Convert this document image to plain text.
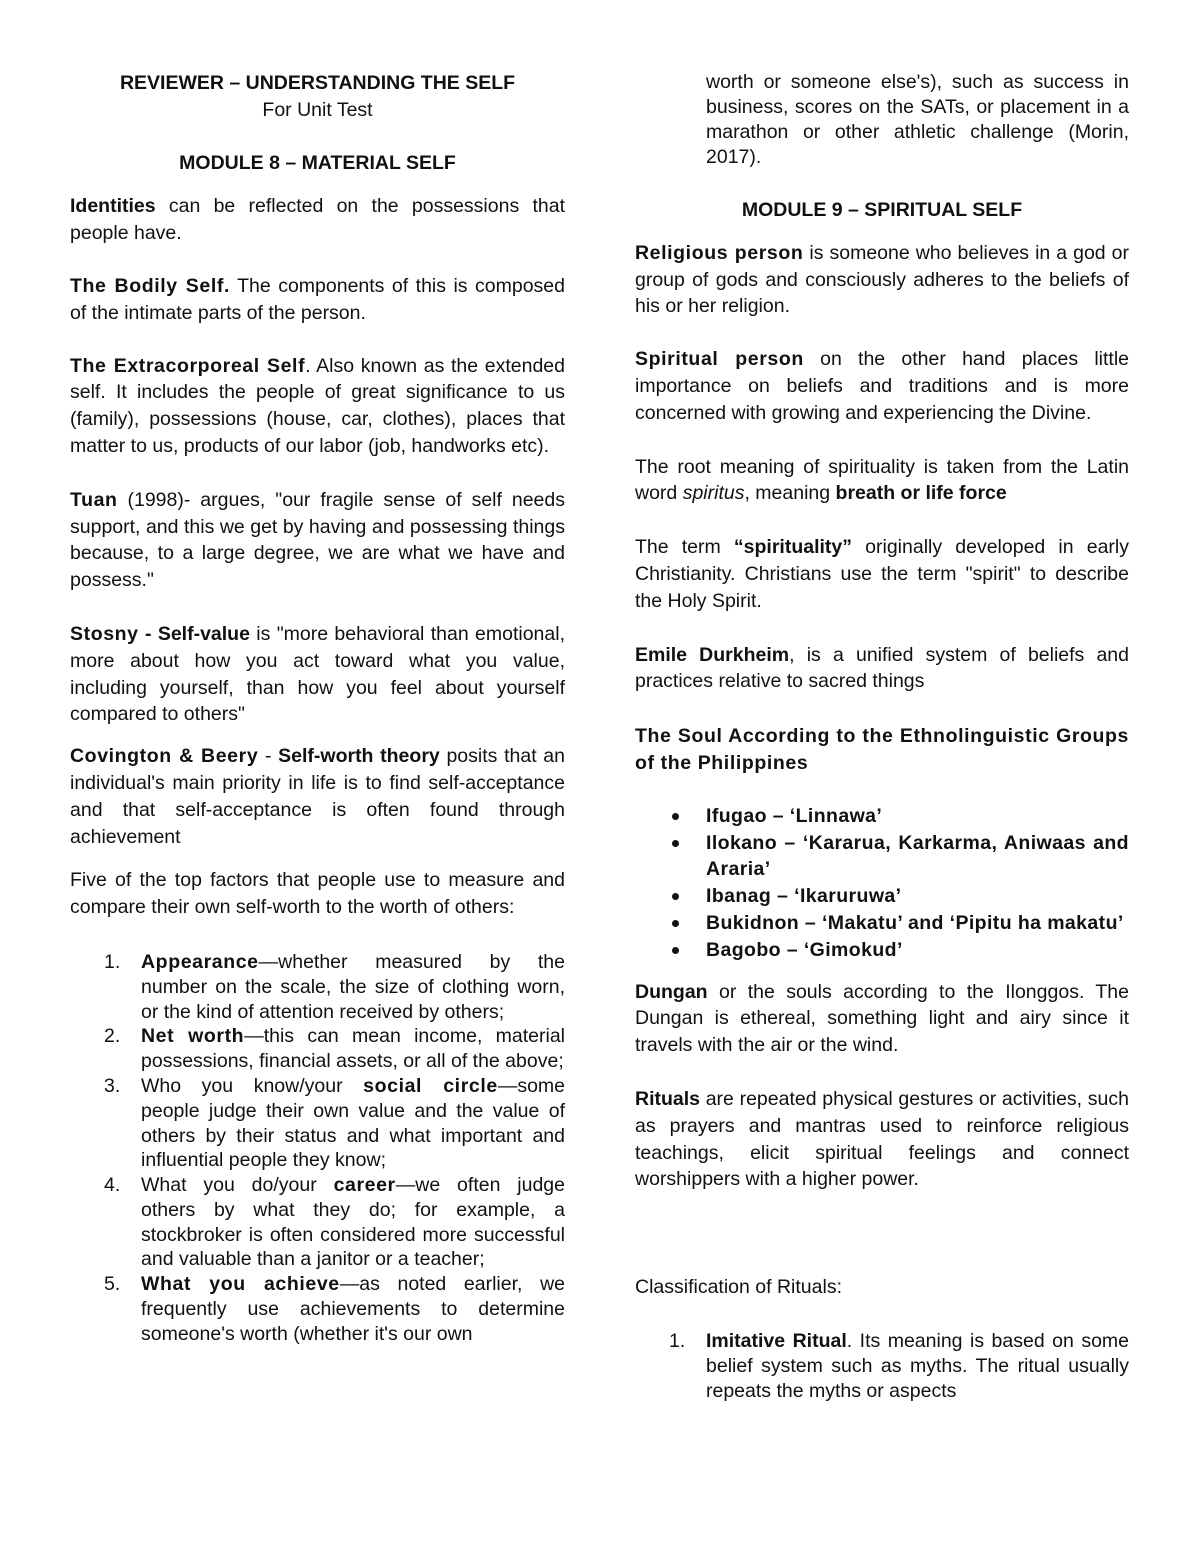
REVIEWER – UNDERSTANDING THE SELF

For Unit Test

MODULE 8 – MATERIAL SELF

Identities can be reflected on the possessions that people have.

The Bodily Self. The components of this is composed of the intimate parts of the person.

The Extracorporeal Self. Also known as the extended self. It includes the people of great significance to us (family), possessions (house, car, clothes), places that matter to us, products of our labor (job, handworks etc).

Tuan (1998)- argues, "our fragile sense of self needs support, and this we get by having and possessing things because, to a large degree, we are what we have and possess."

Stosny - Self-value is "more behavioral than emotional, more about how you act toward what you value, including yourself, than how you feel about yourself compared to others"

Covington & Beery - Self-worth theory posits that an individual's main priority in life is to find self-acceptance and that self-acceptance is often found through achievement

Five of the top factors that people use to measure and compare their own self-worth to the worth of others:

1. Appearance—whether measured by the number on the scale, the size of clothing worn, or the kind of attention received by others;
2. Net worth—this can mean income, material possessions, financial assets, or all of the above;
3. Who you know/your social circle—some people judge their own value and the value of others by their status and what important and influential people they know;
4. What you do/your career—we often judge others by what they do; for example, a stockbroker is often considered more successful and valuable than a janitor or a teacher;
5. What you achieve—as noted earlier, we frequently use achievements to determine someone's worth (whether it's our own
worth or someone else's), such as success in business, scores on the SATs, or placement in a marathon or other athletic challenge (Morin, 2017).

MODULE 9 – SPIRITUAL SELF

Religious person is someone who believes in a god or group of gods and consciously adheres to the beliefs of his or her religion.

Spiritual person on the other hand places little importance on beliefs and traditions and is more concerned with growing and experiencing the Divine.

The root meaning of spirituality is taken from the Latin word spiritus, meaning breath or life force

The term “spirituality” originally developed in early Christianity. Christians use the term "spirit" to describe the Holy Spirit.

Emile Durkheim, is a unified system of beliefs and practices relative to sacred things

The Soul According to the Ethnolinguistic Groups of the Philippines

Ifugao – ‘Linnawa’
Ilokano – ‘Kararua, Karkarma, Aniwaas and Araria’
Ibanag – ‘Ikaruruwa’
Bukidnon – ‘Makatu’ and ‘Pipitu ha makatu’
Bagobo – ‘Gimokud’

Dungan or the souls according to the Ilonggos. The Dungan is ethereal, something light and airy since it travels with the air or the wind.

Rituals are repeated physical gestures or activities, such as prayers and mantras used to reinforce religious teachings, elicit spiritual feelings and connect worshippers with a higher power.

Classification of Rituals:

1. Imitative Ritual. Its meaning is based on some belief system such as myths. The ritual usually repeats the myths or aspects
